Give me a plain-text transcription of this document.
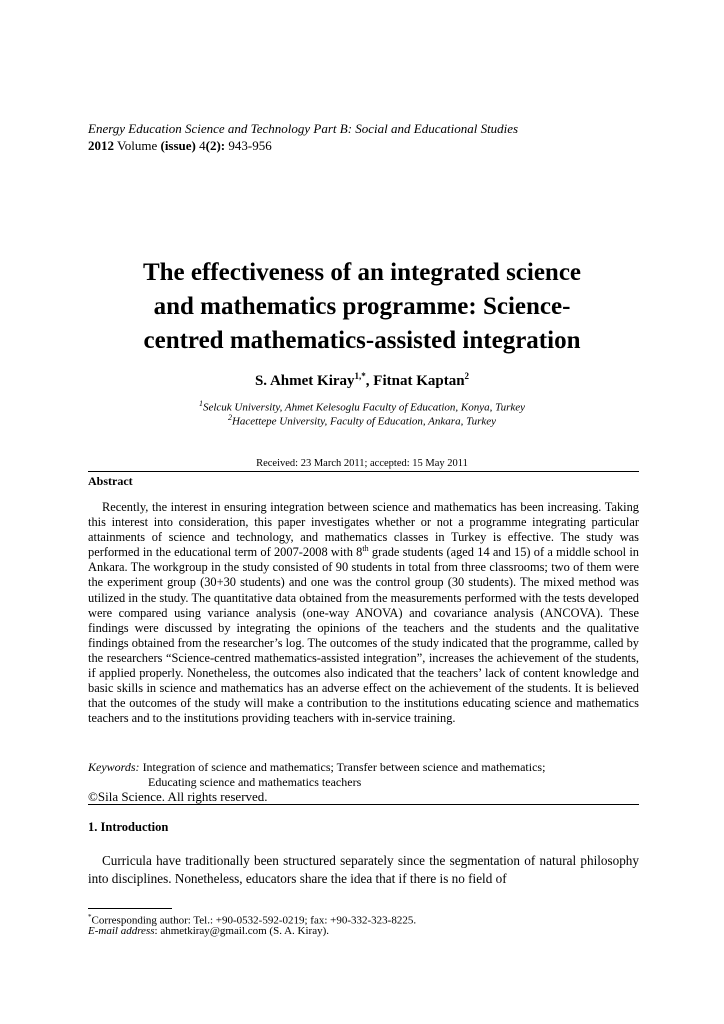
Energy Education Science and Technology Part B: Social and Educational Studies
2012 Volume (issue) 4(2): 943-956
The effectiveness of an integrated science
and mathematics programme: Science-
centred mathematics-assisted integration
S. Ahmet Kiray$^{1,*}$, Fitnat Kaptan$^2$
$^1$Selcuk University, Ahmet Kelesoglu Faculty of Education, Konya, Turkey
$^2$Hacettepe University, Faculty of Education, Ankara, Turkey
Received: 23 March 2011; accepted: 15 May 2011
Abstract
Recently, the interest in ensuring integration between science and mathematics has been increasing. Taking this interest into consideration, this paper investigates whether or not a programme integrating particular attainments of science and technology, and mathematics classes in Turkey is effective. The study was performed in the educational term of 2007-2008 with 8th grade students (aged 14 and 15) of a middle school in Ankara. The workgroup in the study consisted of 90 students in total from three classrooms; two of them were the experiment group (30+30 students) and one was the control group (30 students). The mixed method was utilized in the study. The quantitative data obtained from the measurements performed with the tests developed were compared using variance analysis (one-way ANOVA) and covariance analysis (ANCOVA). These findings were discussed by integrating the opinions of the teachers and the students and the qualitative findings obtained from the researcher’s log. The outcomes of the study indicated that the programme, called by the researchers “Science-centred mathematics-assisted integration”, increases the achievement of the students, if applied properly. Nonetheless, the outcomes also indicated that the teachers’ lack of content knowledge and basic skills in science and mathematics has an adverse effect on the achievement of the students. It is believed that the outcomes of the study will make a contribution to the institutions educating science and mathematics teachers and to the institutions providing teachers with in-service training.
Keywords: Integration of science and mathematics; Transfer between science and mathematics;
Educating science and mathematics teachers
©Sila Science. All rights reserved.
1. Introduction
Curricula have traditionally been structured separately since the segmentation of natural philosophy into disciplines. Nonetheless, educators share the idea that if there is no field of
*Corresponding author: Tel.: +90-0532-592-0219; fax: +90-332-323-8225.
E-mail address: ahmetkiray@gmail.com (S. A. Kiray).
